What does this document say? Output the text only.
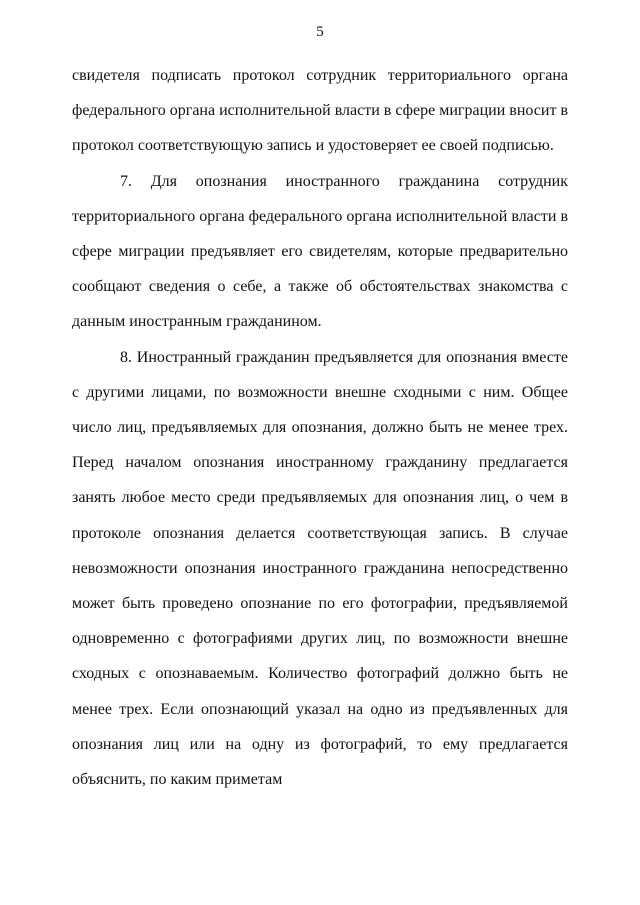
5

свидетеля подписать протокол сотрудник территориального органа федерального органа исполнительной власти в сфере миграции вносит в протокол соответствующую запись и удостоверяет ее своей подписью.

7. Для опознания иностранного гражданина сотрудник территориального органа федерального органа исполнительной власти в сфере миграции предъявляет его свидетелям, которые предварительно сообщают сведения о себе, а также об обстоятельствах знакомства с данным иностранным гражданином.

8. Иностранный гражданин предъявляется для опознания вместе с другими лицами, по возможности внешне сходными с ним. Общее число лиц, предъявляемых для опознания, должно быть не менее трех. Перед началом опознания иностранному гражданину предлагается занять любое место среди предъявляемых для опознания лиц, о чем в протоколе опознания делается соответствующая запись. В случае невозможности опознания иностранного гражданина непосредственно может быть проведено опознание по его фотографии, предъявляемой одновременно с фотографиями других лиц, по возможности внешне сходных с опознаваемым. Количество фотографий должно быть не менее трех. Если опознающий указал на одно из предъявленных для опознания лиц или на одну из фотографий, то ему предлагается объяснить, по каким приметам
